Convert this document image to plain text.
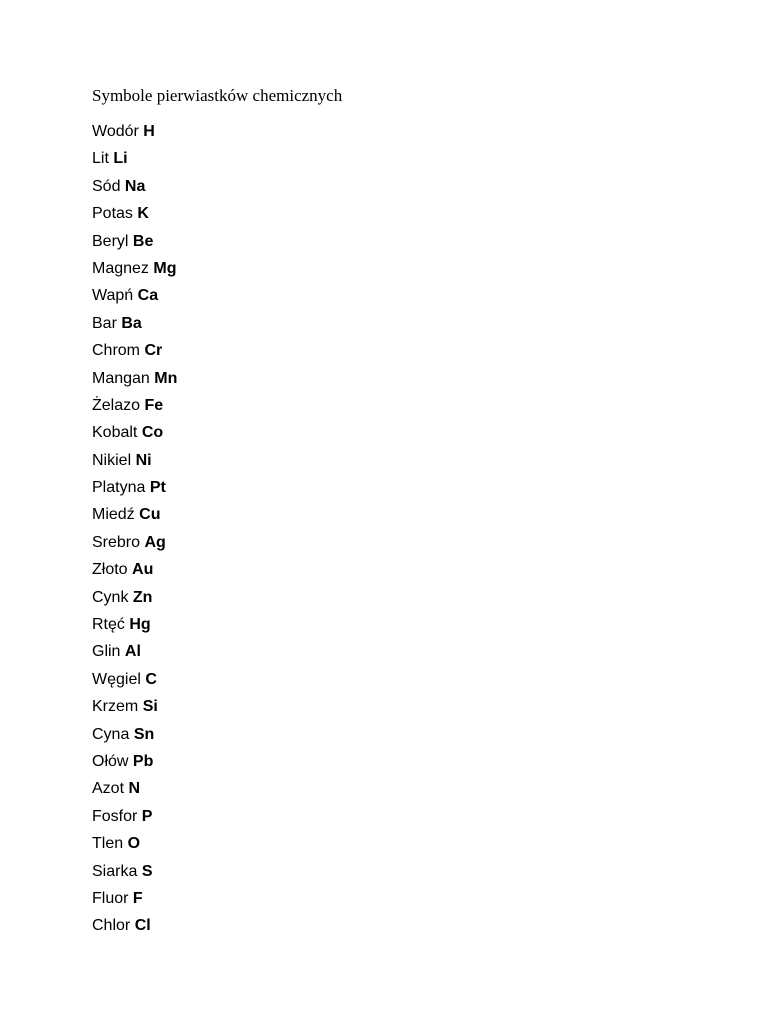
Symbole pierwiastków chemicznych
Wodór H
Lit Li
Sód Na
Potas K
Beryl Be
Magnez Mg
Wapń Ca
Bar Ba
Chrom Cr
Mangan Mn
Żelazo Fe
Kobalt Co
Nikiel Ni
Platyna Pt
Miedź Cu
Srebro Ag
Złoto Au
Cynk Zn
Rtęć Hg
Glin Al
Węgiel C
Krzem Si
Cyna Sn
Ołów Pb
Azot N
Fosfor P
Tlen O
Siarka S
Fluor F
Chlor Cl
